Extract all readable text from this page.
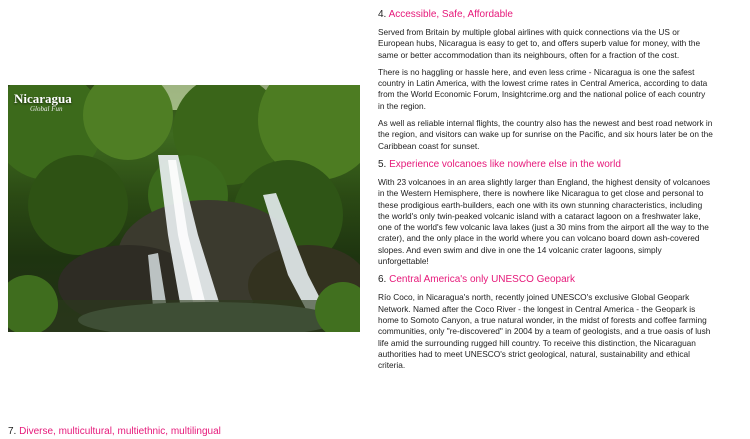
Nicaragua
Global Fun
4. Accessible, Safe, Affordable

Served from Britain by multiple global airlines with quick connections via the US or European hubs, Nicaragua is easy to get to, and offers superb value for money, with the same or better accommodation than its neighbours, often for a fraction of the cost.

There is no haggling or hassle here, and even less crime - Nicaragua is one the safest country in Latin America, with the lowest crime rates in Central America, according to data from the World Economic Forum, Insightcrime.org and the national police of each country in the region.

As well as reliable internal flights, the country also has the newest and best road network in the region, and visitors can wake up for sunrise on the Pacific, and six hours later be on the Caribbean coast for sunset.

5. Experience volcanoes like nowhere else in the world

With 23 volcanoes in an area slightly larger than England, the highest density of volcanoes in the Western Hemisphere, there is nowhere like Nicaragua to get close and personal to these prodigious earth-builders, each one with its own stunning characteristics, including the world's only twin-peaked volcanic island with a cataract lagoon on a freshwater lake, one of the world's few volcanic lava lakes (just a 30 mins from the airport all the way to the crater), and the only place in the world where you can volcano board down ash-covered slopes. And even swim and dive in one the 14 volcanic crater lagoons, simply unforgettable!

6. Central America's only UNESCO Geopark

Río Coco, in Nicaragua's north, recently joined UNESCO's exclusive Global Geopark Network. Named after the Coco River - the longest in Central America - the Geopark is home to Somoto Canyon, a true natural wonder, in the midst of forests and coffee farming communities, only "re-discovered" in 2004 by a team of geologists, and a true oasis of lush life amid the surrounding rugged hill country. To receive this distinction, the Nicaraguan authorities had to meet UNESCO's strict geological, natural, sustainability and ethical criteria.

7. Diverse, multicultural, multiethnic, multilingual
